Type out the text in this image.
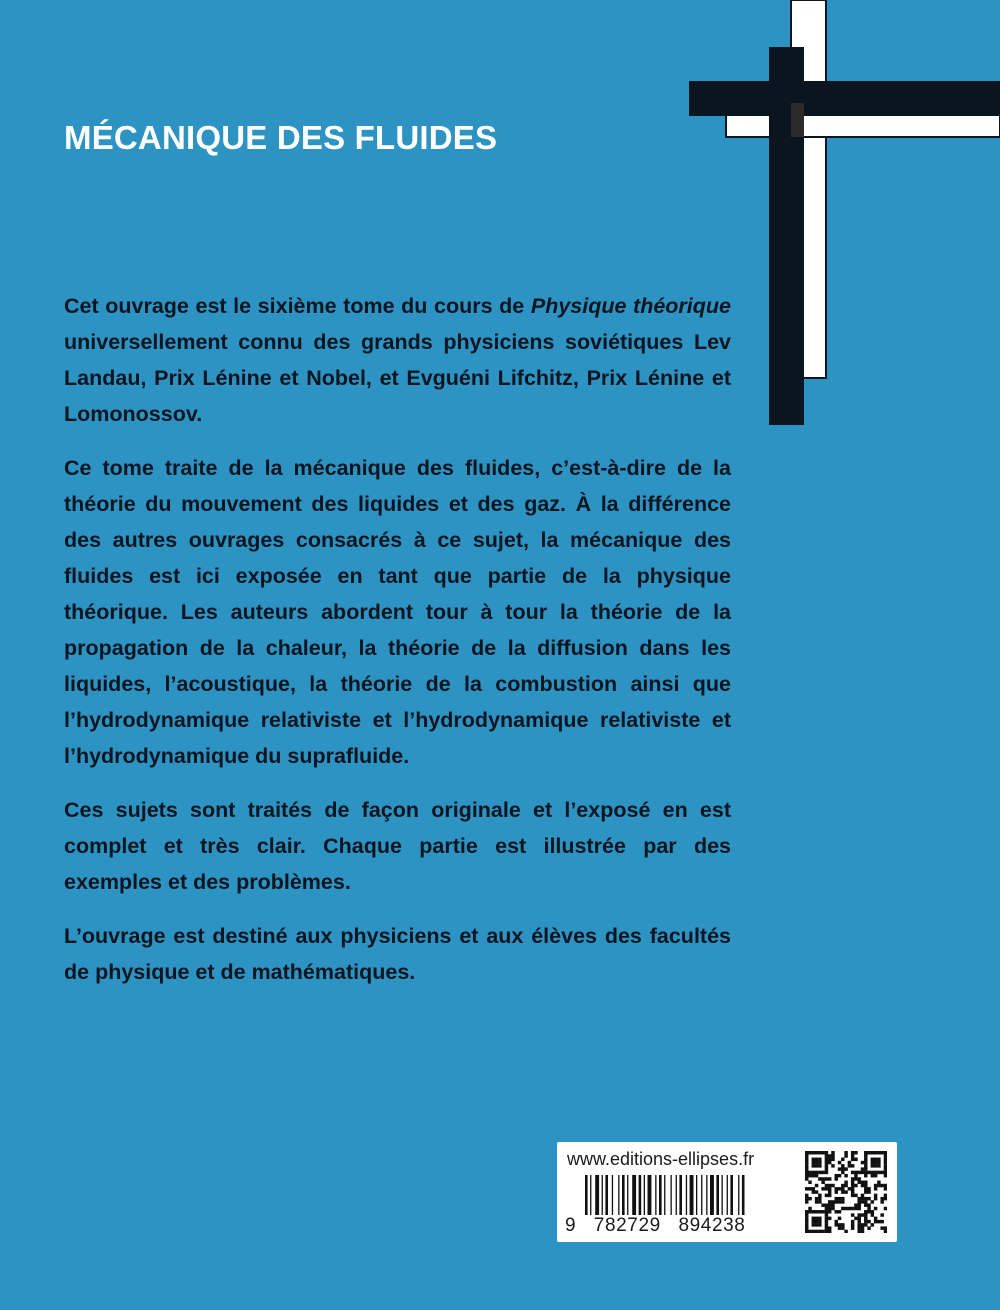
MÉCANIQUE DES FLUIDES

Cet ouvrage est le sixième tome du cours de Physique théorique universellement connu des grands physiciens soviétiques Lev Landau, Prix Lénine et Nobel, et Evguéni Lifchitz, Prix Lénine et Lomonossov.

Ce tome traite de la mécanique des fluides, c’est-à-dire de la théorie du mouvement des liquides et des gaz. À la différence des autres ouvrages consacrés à ce sujet, la mécanique des fluides est ici exposée en tant que partie de la physique théorique. Les auteurs abordent tour à tour la théorie de la propagation de la chaleur, la théorie de la diffusion dans les liquides, l’acoustique, la théorie de la combustion ainsi que l’hydrodynamique relativiste et l’hydrodynamique relativiste et l’hydrodynamique du suprafluide.

Ces sujets sont traités de façon originale et l’exposé en est complet et très clair. Chaque partie est illustrée par des exemples et des problèmes.

L’ouvrage est destiné aux physiciens et aux élèves des facultés de physique et de mathématiques.

www.editions-ellipses.fr
9   782729   894238
